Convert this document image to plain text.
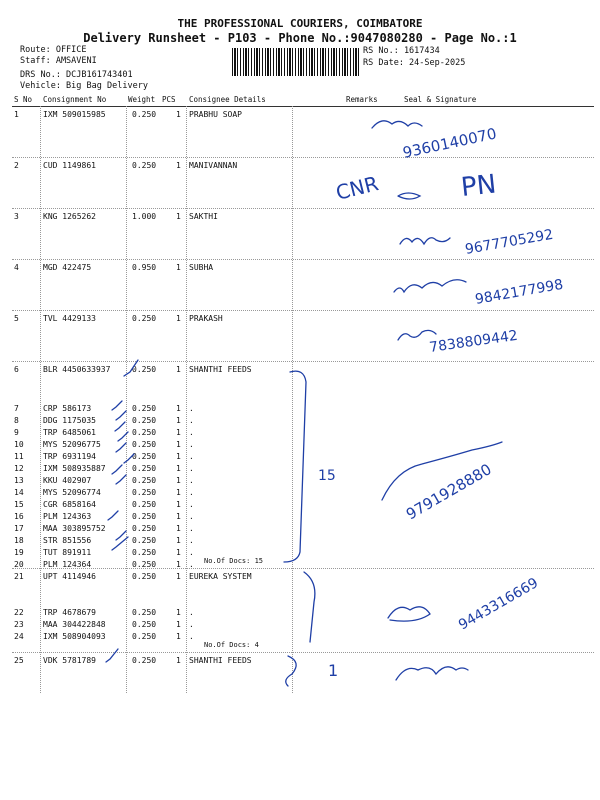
THE PROFESSIONAL COURIERS, COIMBATORE
Delivery Runsheet - P103 - Phone No.:9047080280 - Page No.:1
Route: OFFICE
Staff: AMSAVENI
DRS No.: DCJB161743401
Vehicle: Big Bag Delivery
RS No.: 1617434
RS Date: 24-Sep-2025
S No Consignment No	Weight PCS Consignee Details	Remarks	Seal & Signature
1	IXM 509015985	0.250 1 PRABHU SOAP
2	CUD 1149861	0.250 1 MANIVANNAN
3	KNG 1265262	1.000 1 SAKTHI
4	MGD 422475	0.950 1 SUBHA
5	TVL 4429133	0.250 1 PRAKASH
6	BLR 4450633937	0.250 1 SHANTHI FEEDS
7	CRP 586173	0.250 1 .
8	DDG 1175035	0.250 1 .
9	TRP 6485061	0.250 1 .
10 MYS 52096775	0.250 1 .
11 TRP 6931194	0.250 1 .
12 IXM 508935887	0.250 1 .
13 KKU 402907	0.250 1 .
14 MYS 52096774	0.250 1 .
15 CGR 6858164	0.250 1 .
16 PLM 124363	0.250 1 .
17 MAA 303895752	0.250 1 .
18 STR 851556	0.250 1 .
19 TUT 891911	0.250 1 .
20 PLM 124364	0.250 1 .
21 UPT 4114946	0.250 1 EUREKA SYSTEM
22 TRP 4678679	0.250 1 .
23 MAA 304422848	0.250 1 .
24 IXM 508904093	0.250 1 .
25 VDK 5781789	0.250 1 SHANTHI FEEDS
No.Of Docs: 15
No.Of Docs: 4
9360140070
CNR	PN
9677705292
9842177998
7838809442
15	9791928880
9443316669
1
